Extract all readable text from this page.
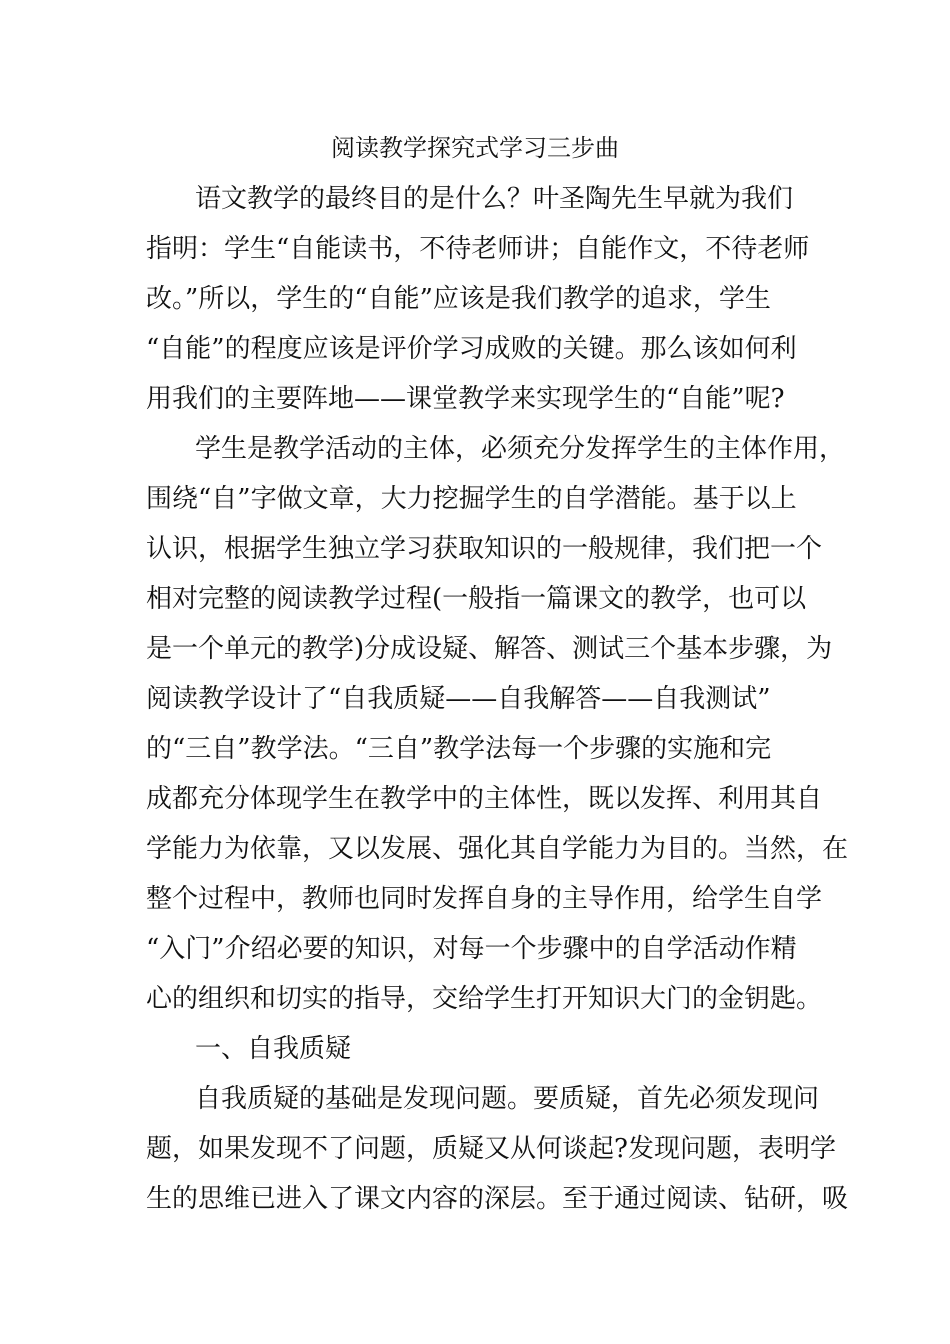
阅读教学探究式学习三步曲

语文教学的最终目的是什么？叶圣陶先生早就为我们

指明：学生“自能读书，不待老师讲；自能作文，不待老师

改。”所以，学生的“自能”应该是我们教学的追求，学生

“自能”的程度应该是评价学习成败的关键。那么该如何利

用我们的主要阵地——课堂教学来实现学生的“自能”呢?

学生是教学活动的主体，必须充分发挥学生的主体作用，

围绕“自”字做文章，大力挖掘学生的自学潜能。基于以上

认识，根据学生独立学习获取知识的一般规律，我们把一个

相对完整的阅读教学过程(一般指一篇课文的教学，也可以

是一个单元的教学)分成设疑、解答、测试三个基本步骤，为

阅读教学设计了“自我质疑——自我解答——自我测试”

的“三自”教学法。“三自”教学法每一个步骤的实施和完

成都充分体现学生在教学中的主体性，既以发挥、利用其自

学能力为依靠，又以发展、强化其自学能力为目的。当然，在

整个过程中，教师也同时发挥自身的主导作用，给学生自学

“入门”介绍必要的知识，对每一个步骤中的自学活动作精

心的组织和切实的指导，交给学生打开知识大门的金钥匙。

一、自我质疑

自我质疑的基础是发现问题。要质疑，首先必须发现问

题，如果发现不了问题，质疑又从何谈起?发现问题，表明学

生的思维已进入了课文内容的深层。至于通过阅读、钻研，吸
